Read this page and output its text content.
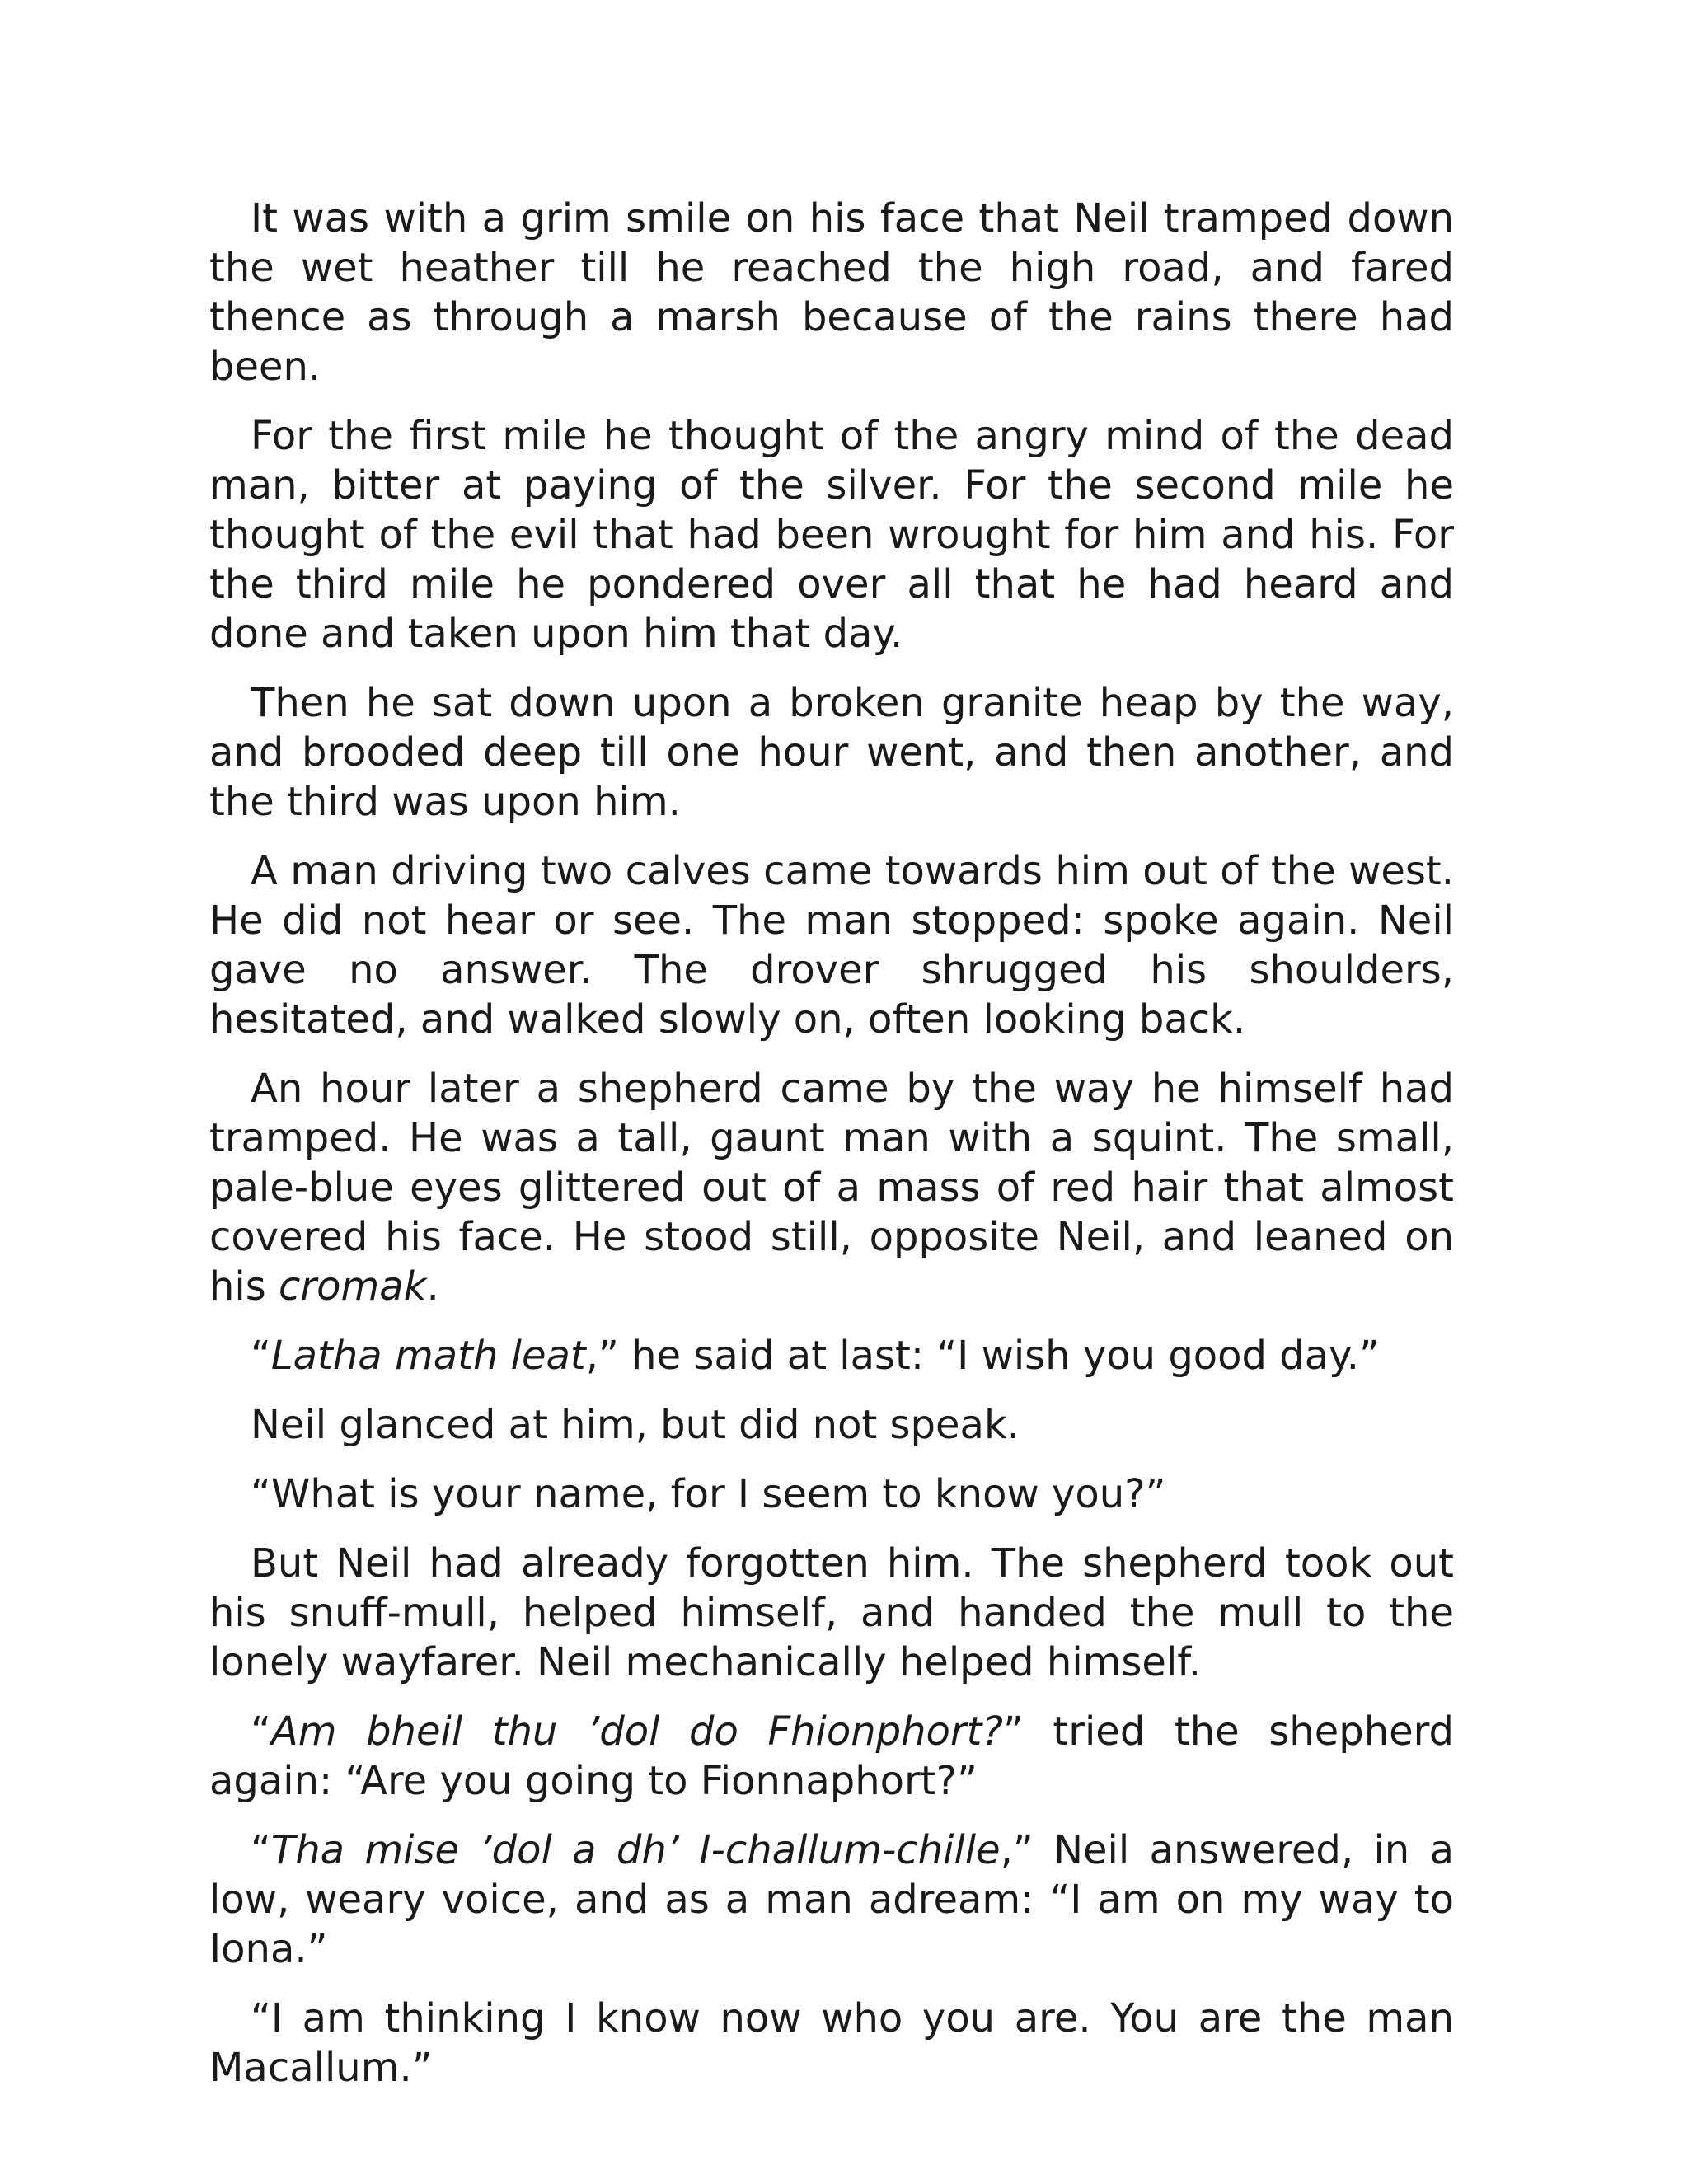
It was with a grim smile on his face that Neil tramped down the wet heather till he reached the high road, and fared thence as through a marsh because of the rains there had been.

For the first mile he thought of the angry mind of the dead man, bitter at paying of the silver. For the second mile he thought of the evil that had been wrought for him and his. For the third mile he pondered over all that he had heard and done and taken upon him that day.

Then he sat down upon a broken granite heap by the way, and brooded deep till one hour went, and then another, and the third was upon him.

A man driving two calves came towards him out of the west. He did not hear or see. The man stopped: spoke again. Neil gave no answer. The drover shrugged his shoulders, hesitated, and walked slowly on, often looking back.

An hour later a shepherd came by the way he himself had tramped. He was a tall, gaunt man with a squint. The small, pale-blue eyes glittered out of a mass of red hair that almost covered his face. He stood still, opposite Neil, and leaned on his cromak.

“Latha math leat,” he said at last: “I wish you good day.”

Neil glanced at him, but did not speak.

“What is your name, for I seem to know you?”

But Neil had already forgotten him. The shepherd took out his snuff-mull, helped himself, and handed the mull to the lonely wayfarer. Neil mechanically helped himself.

“Am bheil thu ’dol do Fhionphort?” tried the shepherd again: “Are you going to Fionnaphort?”

“Tha mise ’dol a dh’ I-challum-chille,” Neil answered, in a low, weary voice, and as a man adream: “I am on my way to Iona.”

“I am thinking I know now who you are. You are the man Macallum.”
